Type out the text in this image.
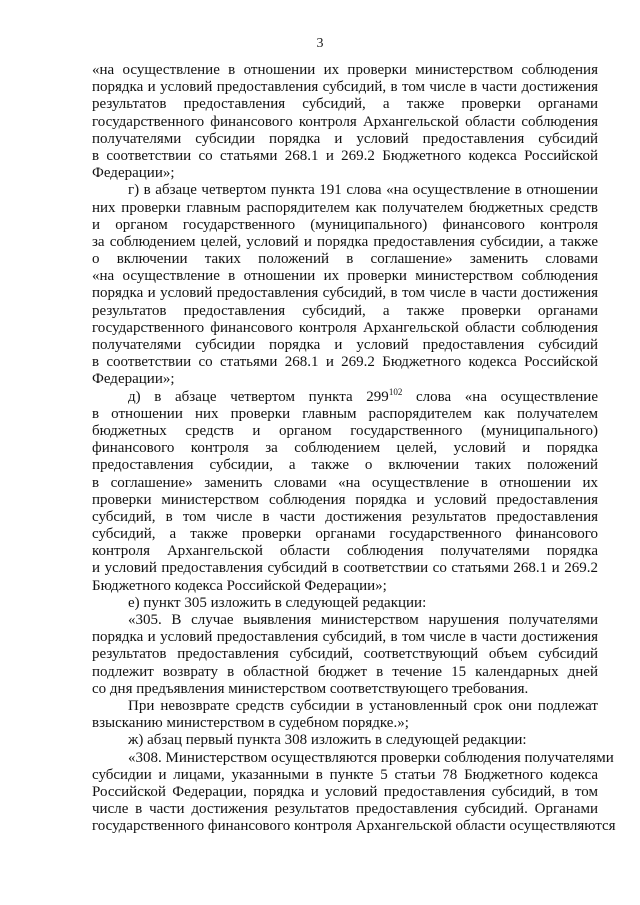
3
«на осуществление в отношении их проверки министерством соблюдения
порядка и условий предоставления субсидий, в том числе в части достижения
результатов предоставления субсидий, а также проверки органами
государственного финансового контроля Архангельской области соблюдения
получателями субсидии порядка и условий предоставления субсидий
в соответствии со статьями 268.1 и 269.2 Бюджетного кодекса Российской
Федерации»;
г) в абзаце четвертом пункта 191 слова «на осуществление в отношении
них проверки главным распорядителем как получателем бюджетных средств
и органом государственного (муниципального) финансового контроля
за соблюдением целей, условий и порядка предоставления субсидии, а также
о включении таких положений в соглашение» заменить словами
«на осуществление в отношении их проверки министерством соблюдения
порядка и условий предоставления субсидий, в том числе в части достижения
результатов предоставления субсидий, а также проверки органами
государственного финансового контроля Архангельской области соблюдения
получателями субсидии порядка и условий предоставления субсидий
в соответствии со статьями 268.1 и 269.2 Бюджетного кодекса Российской
Федерации»;
д) в абзаце четвертом пункта $299^{102}$ слова «на осуществление
в отношении них проверки главным распорядителем как получателем
бюджетных средств и органом государственного (муниципального)
финансового контроля за соблюдением целей, условий и порядка
предоставления субсидии, а также о включении таких положений
в соглашение» заменить словами «на осуществление в отношении их
проверки министерством соблюдения порядка и условий предоставления
субсидий, в том числе в части достижения результатов предоставления
субсидий, а также проверки органами государственного финансового
контроля Архангельской области соблюдения получателями порядка
и условий предоставления субсидий в соответствии со статьями 268.1 и 269.2
Бюджетного кодекса Российской Федерации»;
е) пункт 305 изложить в следующей редакции:
«305. В случае выявления министерством нарушения получателями
порядка и условий предоставления субсидий, в том числе в части достижения
результатов предоставления субсидий, соответствующий объем субсидий
подлежит возврату в областной бюджет в течение 15 календарных дней
со дня предъявления министерством соответствующего требования.
При невозврате средств субсидии в установленный срок они подлежат
взысканию министерством в судебном порядке.»;
ж) абзац первый пункта 308 изложить в следующей редакции:
«308. Министерством осуществляются проверки соблюдения получателями
субсидии и лицами, указанными в пункте 5 статьи 78 Бюджетного кодекса
Российской Федерации, порядка и условий предоставления субсидий, в том
числе в части достижения результатов предоставления субсидий. Органами
государственного финансового контроля Архангельской области осуществляются
